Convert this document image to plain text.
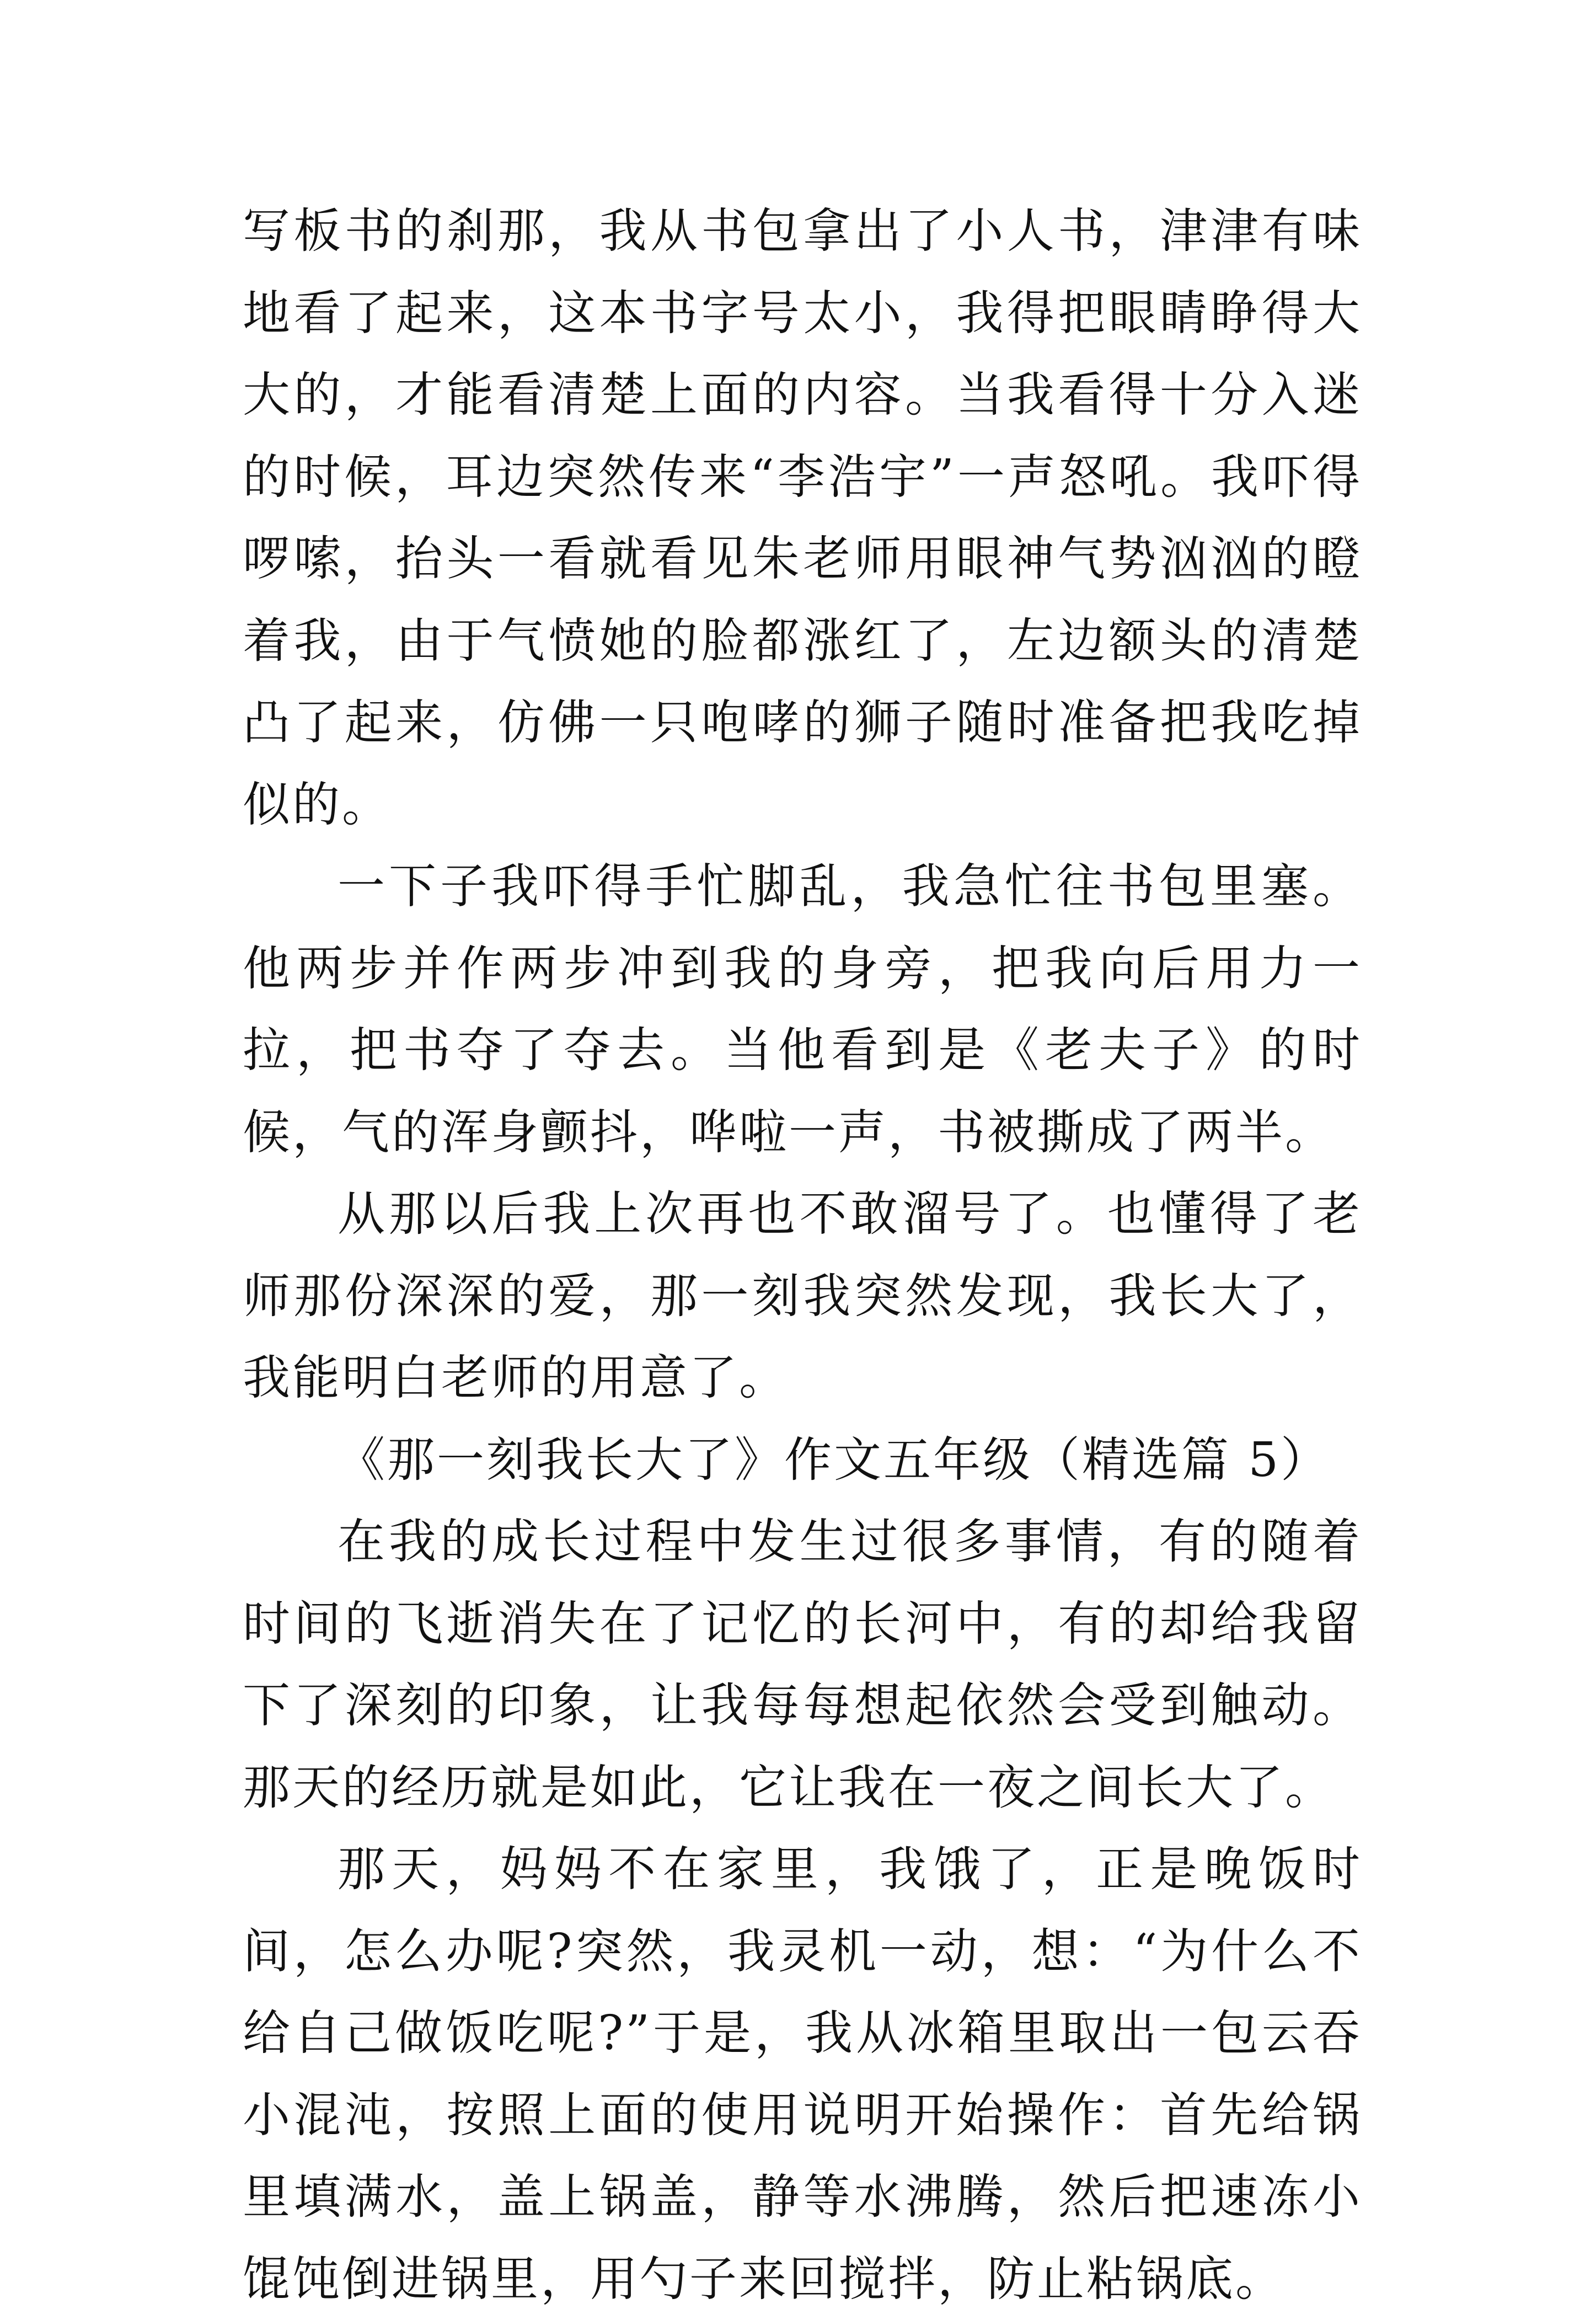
写板书的刹那，我从书包拿出了小人书，津津有味地看了起来，这本书字号太小，我得把眼睛睁得大大的，才能看清楚上面的内容。当我看得十分入迷的时候，耳边突然传来“李浩宇”一声怒吼。我吓得啰嗦，抬头一看就看见朱老师用眼神气势汹汹的瞪着我，由于气愤她的脸都涨红了，左边额头的清楚凸了起来，仿佛一只咆哮的狮子随时准备把我吃掉似的。

一下子我吓得手忙脚乱，我急忙往书包里塞。他两步并作两步冲到我的身旁，把我向后用力一拉，把书夺了夺去。当他看到是《老夫子》的时候，气的浑身颤抖，哗啦一声，书被撕成了两半。

从那以后我上次再也不敢溜号了。也懂得了老师那份深深的爱，那一刻我突然发现，我长大了，我能明白老师的用意了。

《那一刻我长大了》作文五年级（精选篇 5）

在我的成长过程中发生过很多事情，有的随着时间的飞逝消失在了记忆的长河中，有的却给我留下了深刻的印象，让我每每想起依然会受到触动。那天的经历就是如此，它让我在一夜之间长大了。

那天，妈妈不在家里，我饿了，正是晚饭时间，怎么办呢?突然，我灵机一动，想：“为什么不给自己做饭吃呢?”于是，我从冰箱里取出一包云吞小混沌，按照上面的使用说明开始操作：首先给锅里填满水，盖上锅盖，静等水沸腾，然后把速冻小馄饨倒进锅里，用勺子来回搅拌，防止粘锅底。
